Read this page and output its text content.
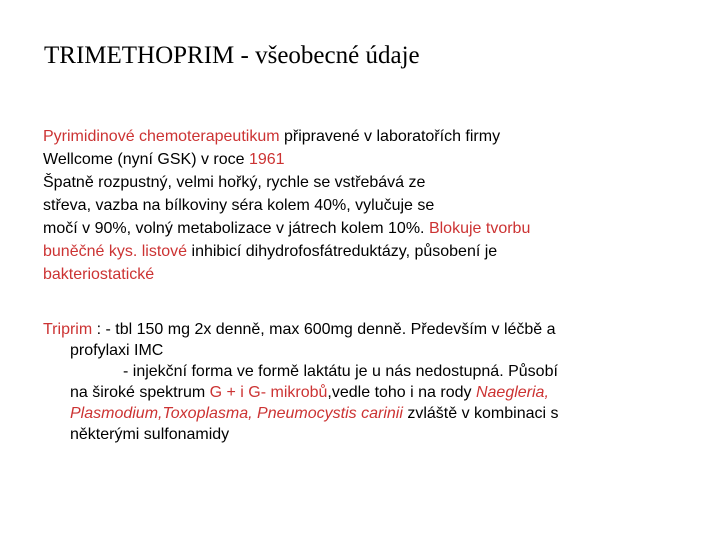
TRIMETHOPRIM - všeobecné údaje
Pyrimidinové chemoterapeutikum připravené v laboratořích firmy
Wellcome (nyní GSK) v roce 1961
Špatně rozpustný, velmi hořký, rychle se vstřebává ze
střeva, vazba na bílkoviny séra kolem 40%, vylučuje se
močí v 90%, volný metabolizace v játrech kolem 10%. Blokuje tvorbu
buněčné kys. listové inhibicí dihydrofosfátreduktázy, působení je
bakteriostatické
Triprim : - tbl 150 mg 2x denně, max 600mg denně. Především v léčbě a
profylaxi IMC
- injekční forma ve formě laktátu je u nás nedostupná. Působí
na široké spektrum G + i G- mikrobů,vedle toho i na rody Naegleria,
Plasmodium,Toxoplasma, Pneumocystis carinii zvláště v kombinaci s
některými sulfonamidy
